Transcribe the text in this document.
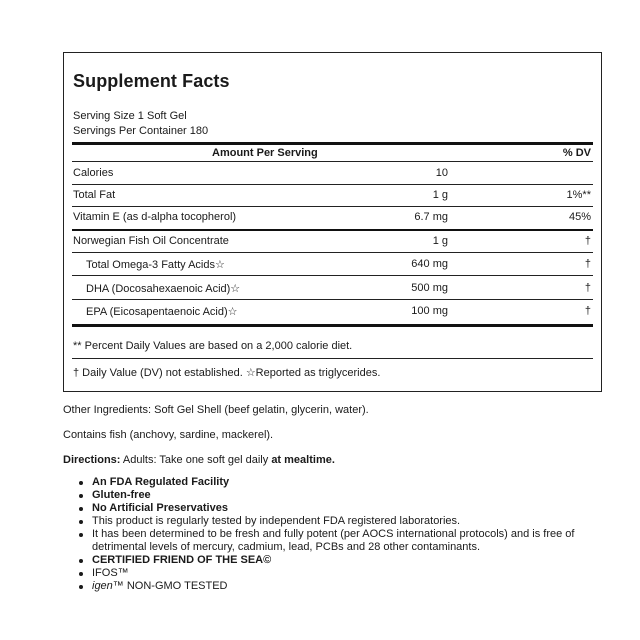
Supplement Facts
Serving Size 1 Soft Gel
Servings Per Container 180
Amount Per Serving	% DV
Calories	10
Total Fat	1 g	1%**
Vitamin E (as d-alpha tocopherol)	6.7 mg	45%
Norwegian Fish Oil Concentrate	1 g	†
Total Omega-3 Fatty Acids☆	640 mg	†
DHA (Docosahexaenoic Acid)☆	500 mg	†
EPA (Eicosapentaenoic Acid)☆	100 mg	†
** Percent Daily Values are based on a 2,000 calorie diet.
† Daily Value (DV) not established. ☆Reported as triglycerides.
Other Ingredients: Soft Gel Shell (beef gelatin, glycerin, water).
Contains fish (anchovy, sardine, mackerel).
Directions: Adults: Take one soft gel daily at mealtime.
An FDA Regulated Facility
Gluten-free
No Artificial Preservatives
This product is regularly tested by independent FDA registered laboratories.
It has been determined to be fresh and fully potent (per AOCS international protocols) and is free of detrimental levels of mercury, cadmium, lead, PCBs and 28 other contaminants.
CERTIFIED FRIEND OF THE SEA©
IFOS™
igen™ NON-GMO TESTED
